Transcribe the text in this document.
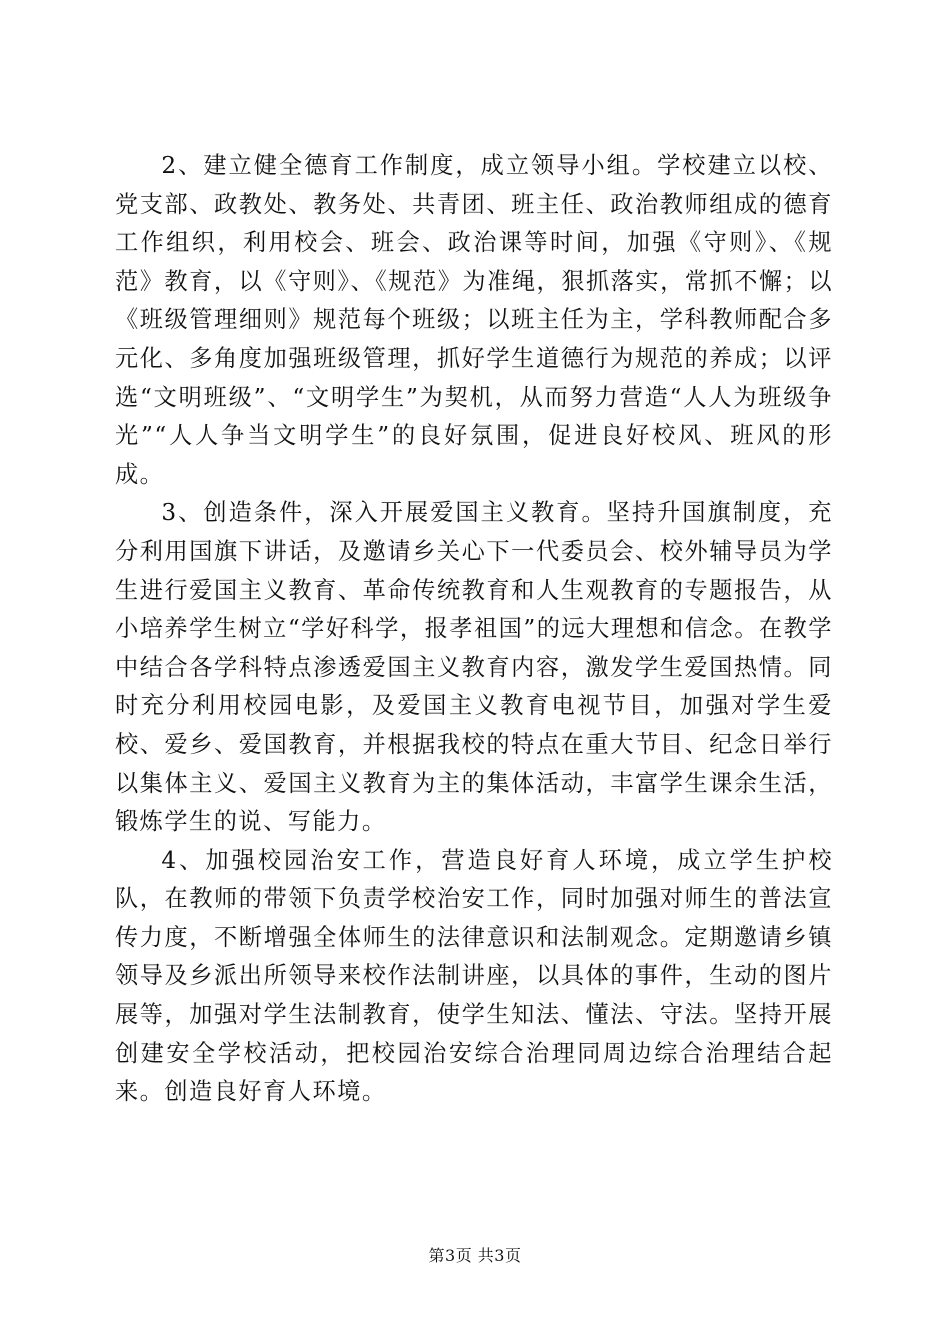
2、建立健全德育工作制度，成立领导小组。学校建立以校、党支部、政教处、教务处、共青团、班主任、政治教师组成的德育工作组织，利用校会、班会、政治课等时间，加强《守则》、《规范》教育，以《守则》、《规范》为准绳，狠抓落实，常抓不懈；以《班级管理细则》规范每个班级；以班主任为主，学科教师配合多元化、多角度加强班级管理，抓好学生道德行为规范的养成；以评选“文明班级”、“文明学生”为契机，从而努力营造“人人为班级争光”“人人争当文明学生”的良好氛围，促进良好校风、班风的形成。

3、创造条件，深入开展爱国主义教育。坚持升国旗制度，充分利用国旗下讲话，及邀请乡关心下一代委员会、校外辅导员为学生进行爱国主义教育、革命传统教育和人生观教育的专题报告，从小培养学生树立“学好科学，报孝祖国”的远大理想和信念。在教学中结合各学科特点渗透爱国主义教育内容，激发学生爱国热情。同时充分利用校园电影，及爱国主义教育电视节目，加强对学生爱校、爱乡、爱国教育，并根据我校的特点在重大节目、纪念日举行以集体主义、爱国主义教育为主的集体活动，丰富学生课余生活，锻炼学生的说、写能力。

4、加强校园治安工作，营造良好育人环境，成立学生护校队，在教师的带领下负责学校治安工作，同时加强对师生的普法宣传力度，不断增强全体师生的法律意识和法制观念。定期邀请乡镇领导及乡派出所领导来校作法制讲座，以具体的事件，生动的图片展等，加强对学生法制教育，使学生知法、懂法、守法。坚持开展创建安全学校活动，把校园治安综合治理同周边综合治理结合起来。创造良好育人环境。

第3页 共3页
